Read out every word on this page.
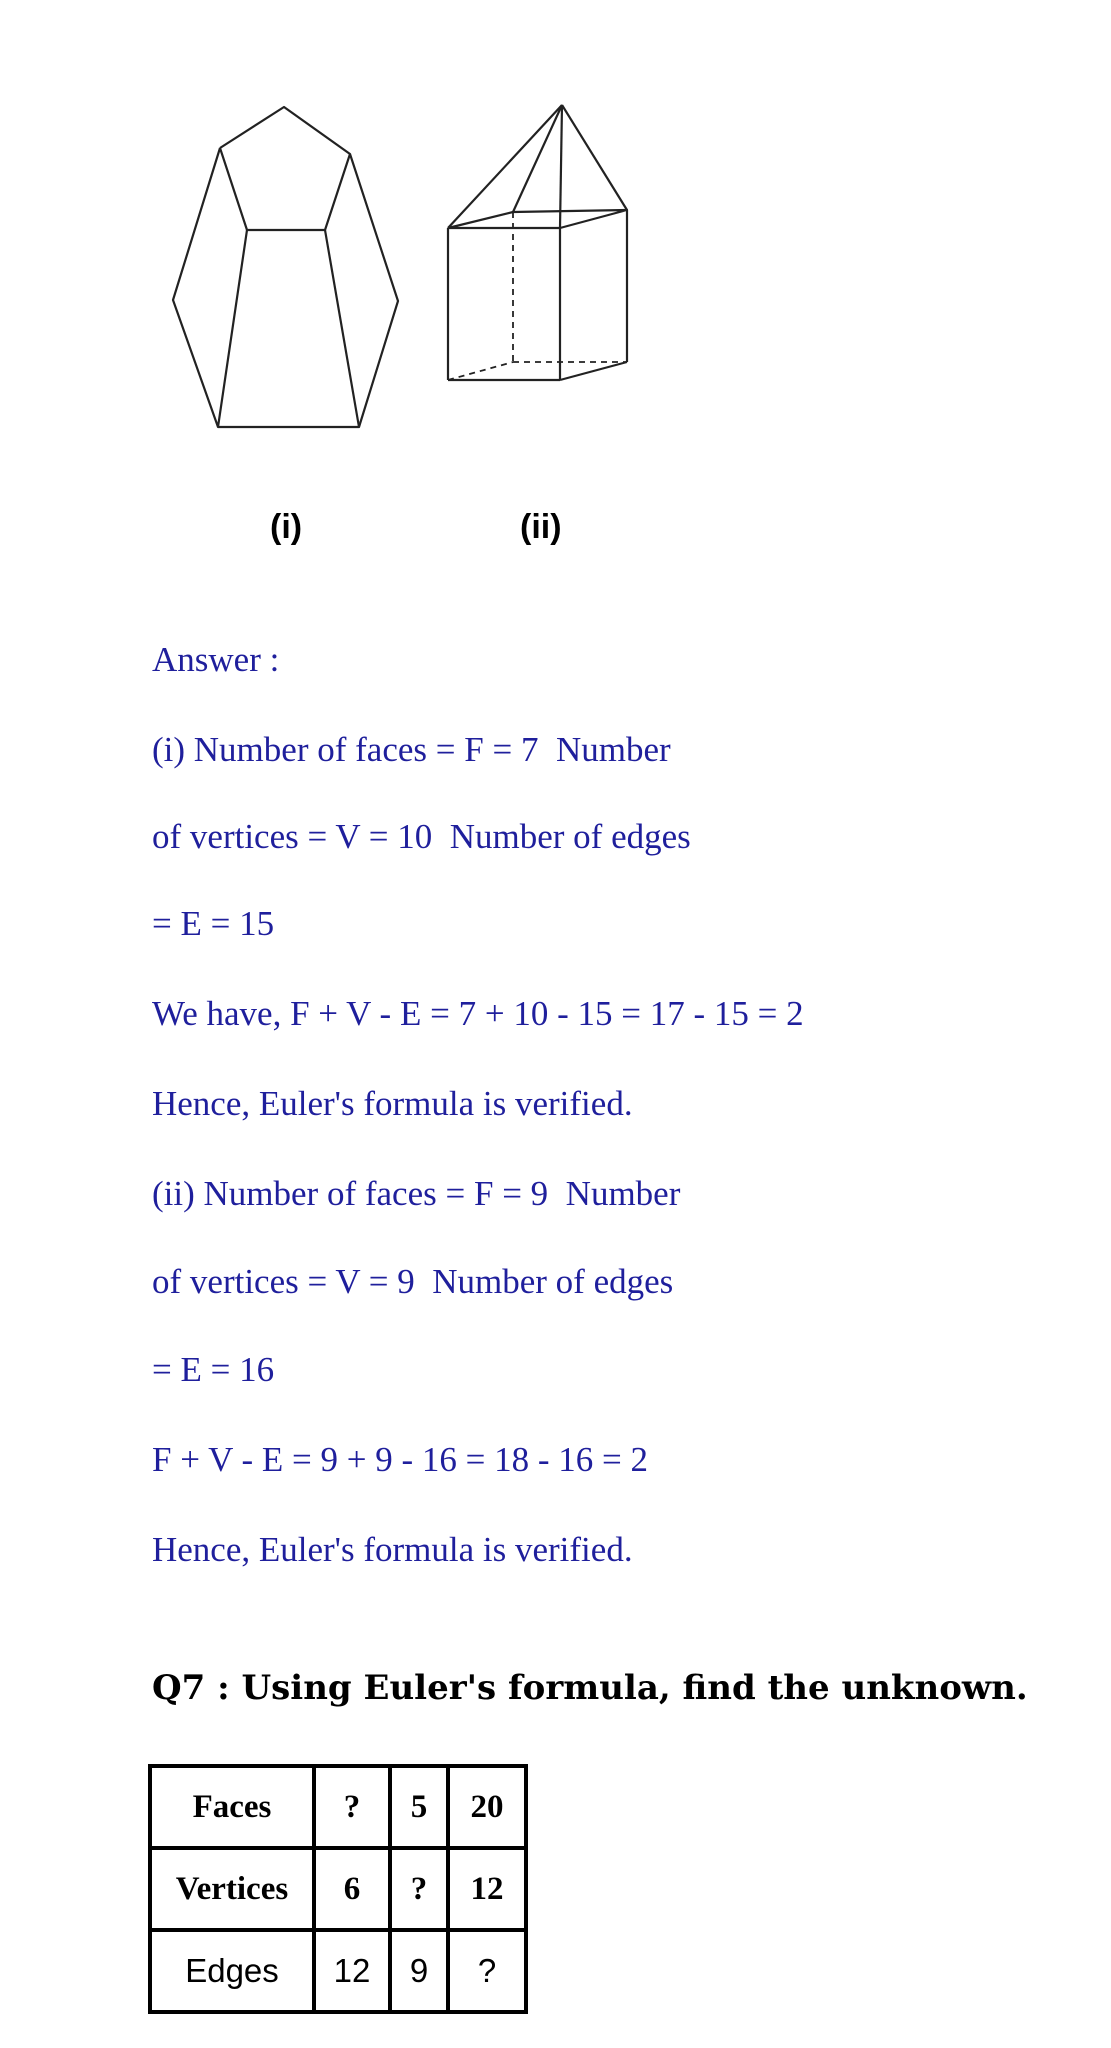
(i)	(ii)
Answer :
(i) Number of faces = F = 7  Number
of vertices = V = 10  Number of edges
= E = 15
We have, F + V - E = 7 + 10 - 15 = 17 - 15 = 2
Hence, Euler's formula is verified.
(ii) Number of faces = F = 9  Number
of vertices = V = 9  Number of edges
= E = 16
F + V - E = 9 + 9 - 16 = 18 - 16 = 2
Hence, Euler's formula is verified.
Q7 : Using Euler's formula, find the unknown.
Faces	?	5	20
Vertices	6	?	12
Edges	12	9	?
